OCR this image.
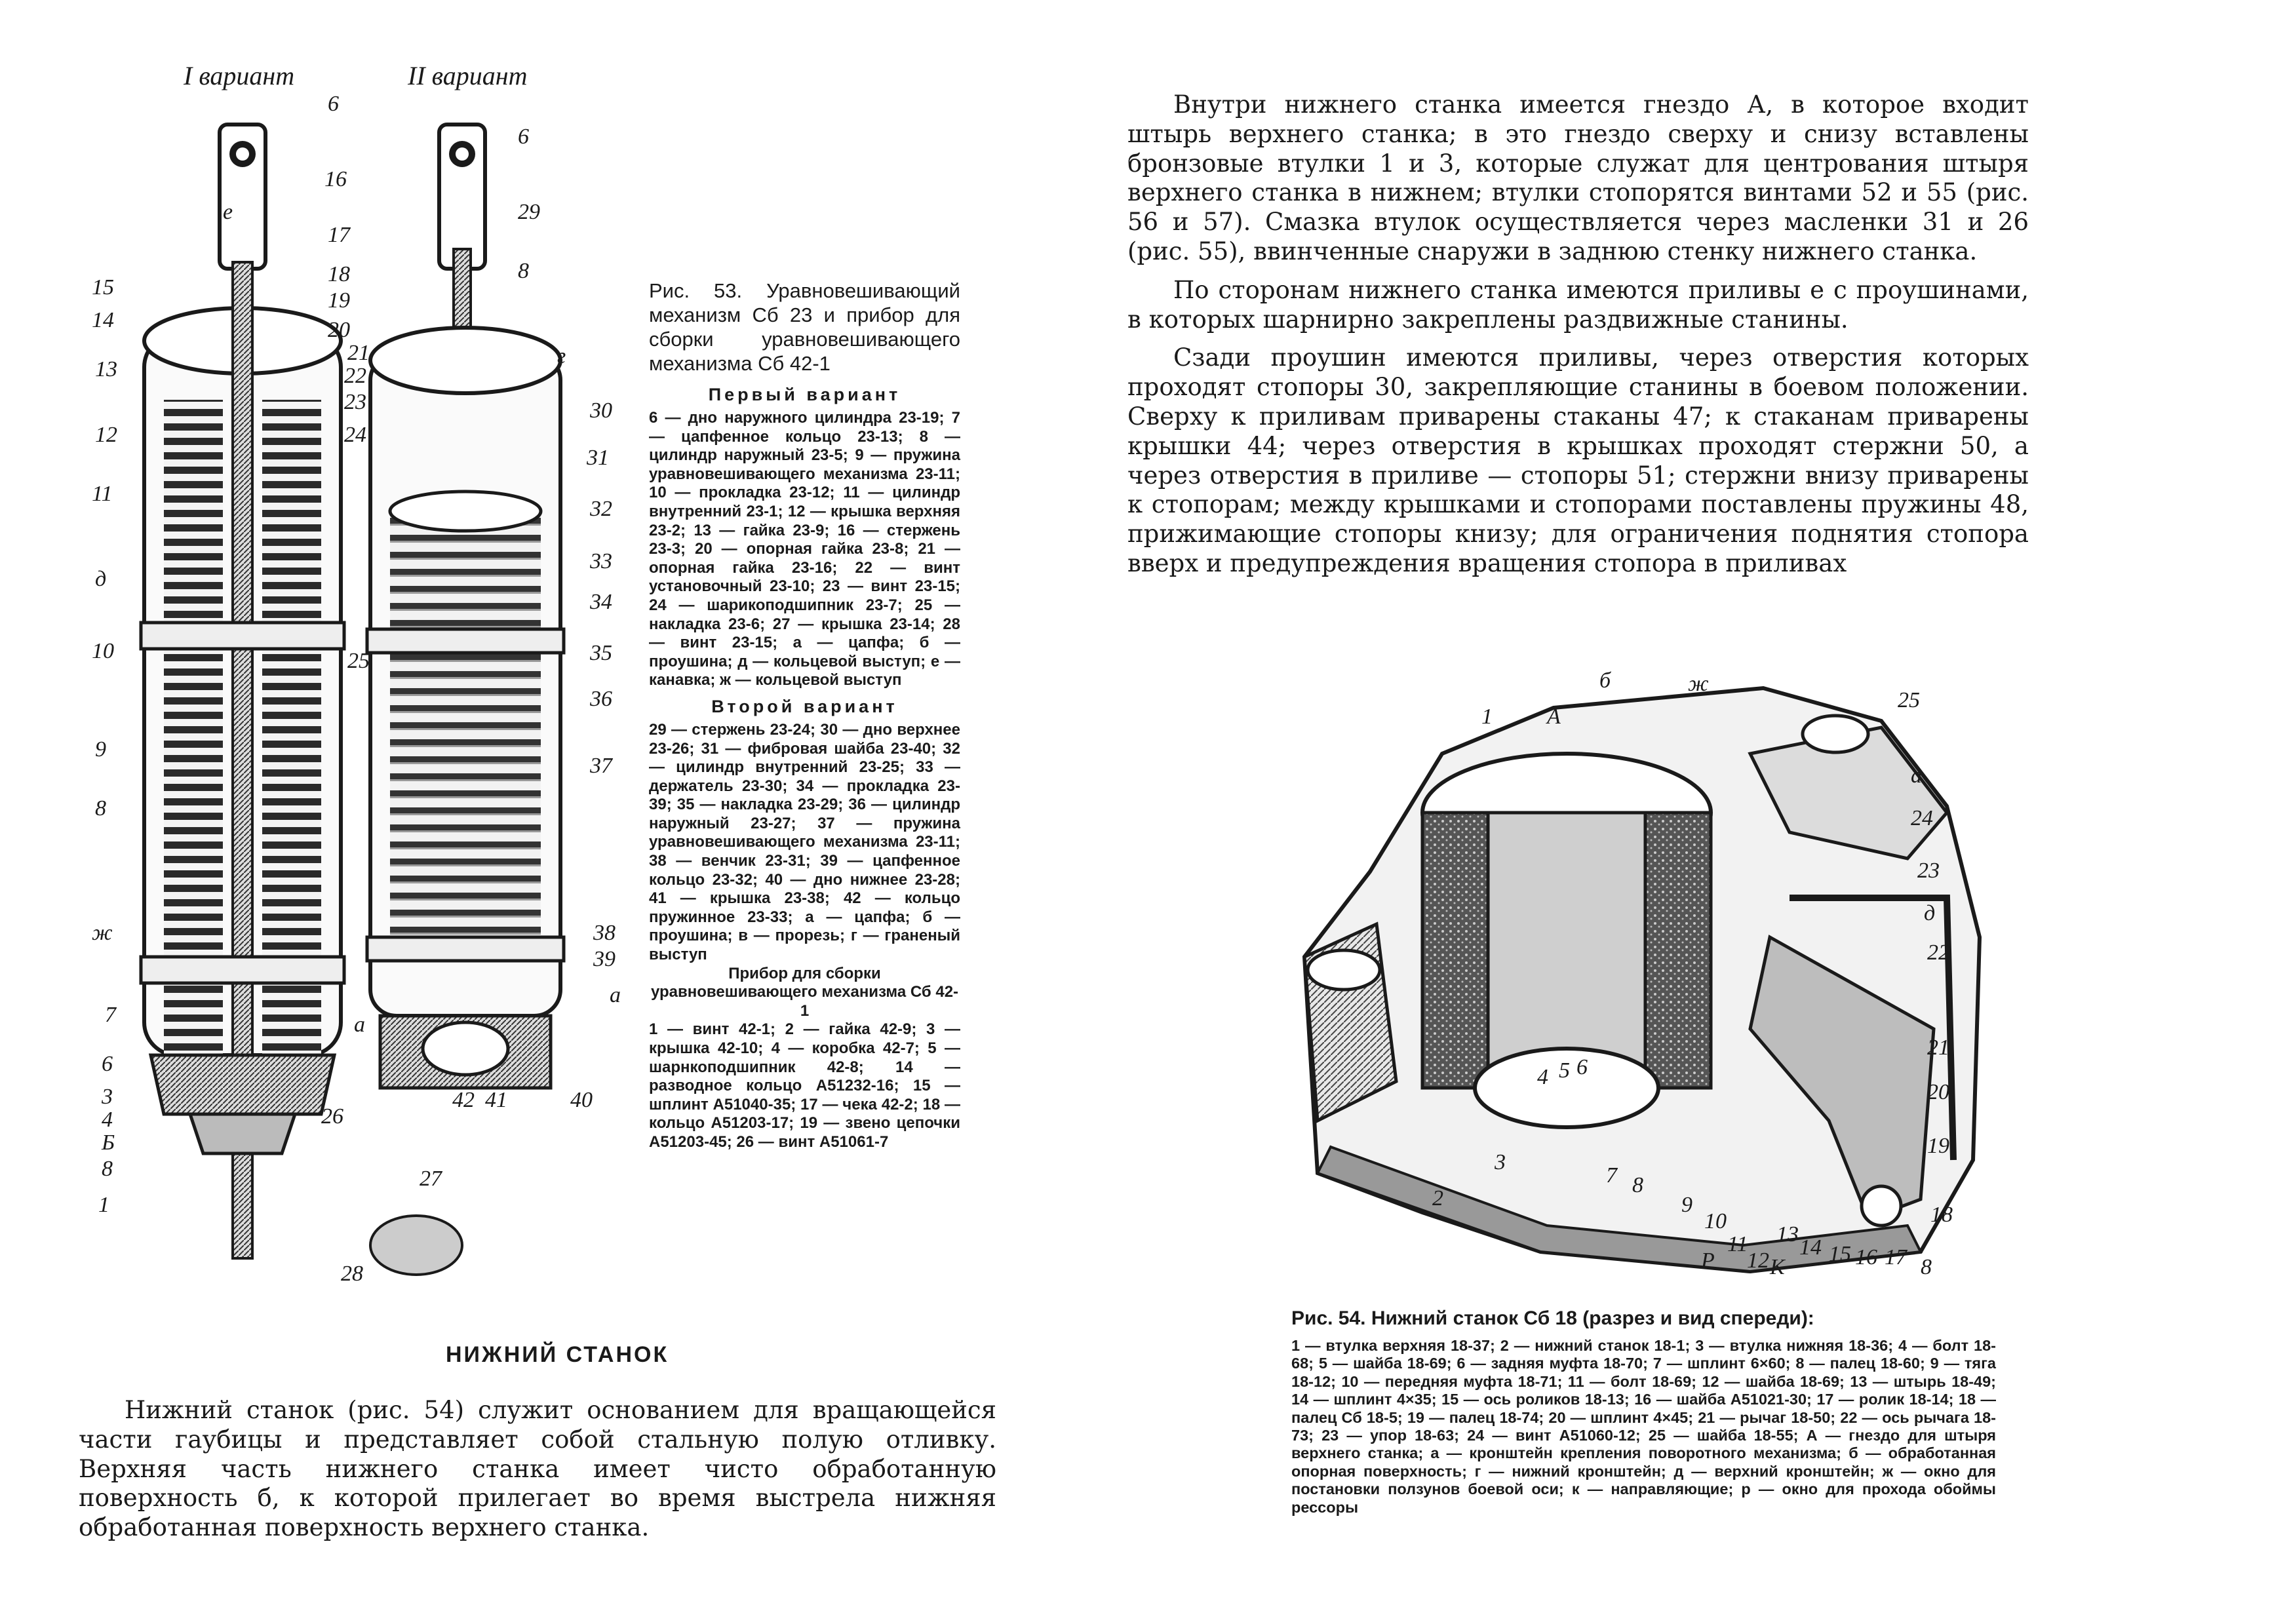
I вариант	II вариант
15
14
13
12
11
д
10
9
8
ж
7
6
3
4
Б
8
1
6
16
е
17
18
19
20
21
22
23
24
25
а
26
27
28
6
29
8
г
30
31
32
33
34
35
36
37
38
39
а
40
42 41
Рис. 53. Уравновешивающий механизм Сб 23 и прибор для сборки уравновешивающего механизма Сб 42-1
Первый вариант
6 — дно наружного цилиндра 23-19; 7 — цапфенное кольцо 23-13; 8 — цилиндр наружный 23-5; 9 — пружина уравновешивающего механизма 23-11; 10 — прокладка 23-12; 11 — цилиндр внутренний 23-1; 12 — крышка верхняя 23-2; 13 — гайка 23-9; 16 — стержень 23-3; 20 — опорная гайка 23-8; 21 — опорная гайка 23-16; 22 — винт установочный 23-10; 23 — винт 23-15; 24 — шарикоподшипник 23-7; 25 — накладка 23-6; 27 — крышка 23-14; 28 — винт 23-15; а — цапфа; б — проушина; д — кольцевой выступ; е — канавка; ж — кольцевой выступ
Второй вариант
29 — стержень 23-24; 30 — дно верхнее 23-26; 31 — фибровая шайба 23-40; 32 — цилиндр внутренний 23-25; 33 — держатель 23-30; 34 — прокладка 23-39; 35 — накладка 23-29; 36 — цилиндр наружный 23-27; 37 — пружина уравновешивающего механизма 23-11; 38 — венчик 23-31; 39 — цапфенное кольцо 23-32; 40 — дно нижнее 23-28; 41 — крышка 23-38; 42 — кольцо пружинное 23-33; а — цапфа; б — проушина; в — прорезь; г — граненый выступ
Прибор для сборки уравновешивающего механизма Сб 42-1
1 — винт 42-1; 2 — гайка 42-9; 3 — крышка 42-10; 4 — коробка 42-7; 5 — шарнкоподшипник 42-8; 14 — разводное кольцо А51232-16; 15 — шплинт А51040-35; 17 — чека 42-2; 18 — кольцо А51203-17; 19 — звено цепочки А51203-45; 26 — винт А51061-7
НИЖНИЙ СТАНОК

Нижний станок (рис. 54) служит основанием для вращающейся части гаубицы и представляет собой стальную полую отливку. Верхняя часть нижнего станка имеет чисто обработанную поверхность б, к которой прилегает во время выстрела нижняя обработанная поверхность верхнего станка.

Внутри нижнего станка имеется гнездо А, в которое входит штырь верхнего станка; в это гнездо сверху и снизу вставлены бронзовые втулки 1 и 3, которые служат для центрования штыря верхнего станка в нижнем; втулки стопорятся винтами 52 и 55 (рис. 56 и 57). Смазка втулок осуществляется через масленки 31 и 26 (рис. 55), ввинченные снаружи в заднюю стенку нижнего станка.

По сторонам нижнего станка имеются приливы е с проушинами, в которых шарнирно закреплены раздвижные станины.

Сзади проушин имеются приливы, через отверстия которых проходят стопоры 30, закрепляющие станины в боевом положении. Сверху к приливам приварены стаканы 47; к стаканам приварены крышки 44; через отверстия в крышках проходят стержни 50, а через отверстия в приливе — стопоры 51; стержни внизу приварены к стопорам; между крышками и стопорами поставлены пружины 48, прижимающие стопоры книзу; для ограничения поднятия стопора вверх и предупреждения вращения стопора в приливах

1 А
б	ж
25
а
24
23
д
22
21
20
19
18
8
17
16
15
14
13
К
12
11
Р
10
9
8
7
6
5
4
3
2
Рис. 54. Нижний станок Сб 18 (разрез и вид спереди):
1 — втулка верхняя 18-37; 2 — нижний станок 18-1; 3 — втулка нижняя 18-36; 4 — болт 18-68; 5 — шайба 18-69; 6 — задняя муфта 18-70; 7 — шплинт 6×60; 8 — палец 18-60; 9 — тяга 18-12; 10 — передняя муфта 18-71; 11 — болт 18-69; 12 — шайба 18-69; 13 — штырь 18-49; 14 — шплинт 4×35; 15 — ось роликов 18-13; 16 — шайба А51021-30; 17 — ролик 18-14; 18 — палец Сб 18-5; 19 — палец 18-74; 20 — шплинт 4×45; 21 — рычаг 18-50; 22 — ось рычага 18-73; 23 — упор 18-63; 24 — винт А51060-12; 25 — шайба 18-55; А — гнездо для штыря верхнего станка; а — кронштейн крепления поворотного механизма; б — обработанная опорная поверхность; г — нижний кронштейн; д — верхний кронштейн; ж — окно для постановки ползунов боевой оси; к — направляющие; р — окно для прохода обоймы рессоры
